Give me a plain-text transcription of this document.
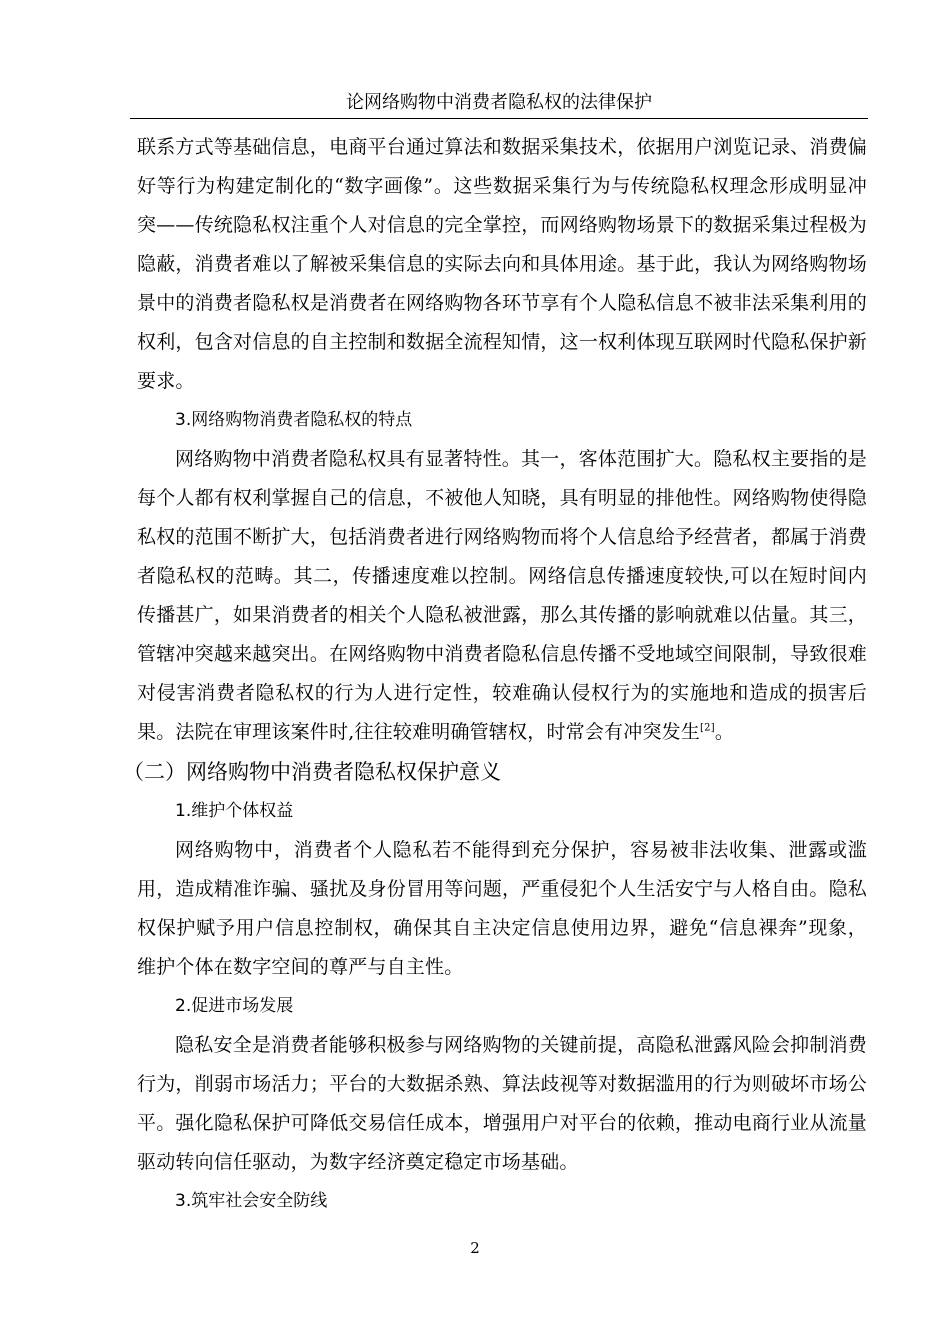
论网络购物中消费者隐私权的法律保护

联系方式等基础信息，电商平台通过算法和数据采集技术，依据用户浏览记录、消费偏好等行为构建定制化的“数字画像”。这些数据采集行为与传统隐私权理念形成明显冲突——传统隐私权注重个人对信息的完全掌控，而网络购物场景下的数据采集过程极为隐蔽，消费者难以了解被采集信息的实际去向和具体用途。基于此，我认为网络购物场景中的消费者隐私权是消费者在网络购物各环节享有个人隐私信息不被非法采集利用的权利，包含对信息的自主控制和数据全流程知情，这一权利体现互联网时代隐私保护新要求。

3.网络购物消费者隐私权的特点

网络购物中消费者隐私权具有显著特性。其一，客体范围扩大。隐私权主要指的是每个人都有权利掌握自己的信息，不被他人知晓，具有明显的排他性。网络购物使得隐私权的范围不断扩大，包括消费者进行网络购物而将个人信息给予经营者，都属于消费者隐私权的范畴。其二，传播速度难以控制。网络信息传播速度较快,可以在短时间内传播甚广，如果消费者的相关个人隐私被泄露，那么其传播的影响就难以估量。其三，管辖冲突越来越突出。在网络购物中消费者隐私信息传播不受地域空间限制，导致很难对侵害消费者隐私权的行为人进行定性，较难确认侵权行为的实施地和造成的损害后果。法院在审理该案件时,往往较难明确管辖权，时常会有冲突发生[2]。

（二）网络购物中消费者隐私权保护意义

1.维护个体权益

网络购物中，消费者个人隐私若不能得到充分保护，容易被非法收集、泄露或滥用，造成精准诈骗、骚扰及身份冒用等问题，严重侵犯个人生活安宁与人格自由。隐私权保护赋予用户信息控制权，确保其自主决定信息使用边界，避免“信息裸奔”现象，维护个体在数字空间的尊严与自主性。

2.促进市场发展

隐私安全是消费者能够积极参与网络购物的关键前提，高隐私泄露风险会抑制消费行为，削弱市场活力；平台的大数据杀熟、算法歧视等对数据滥用的行为则破坏市场公平。强化隐私保护可降低交易信任成本，增强用户对平台的依赖，推动电商行业从流量驱动转向信任驱动，为数字经济奠定稳定市场基础。

3.筑牢社会安全防线

2
